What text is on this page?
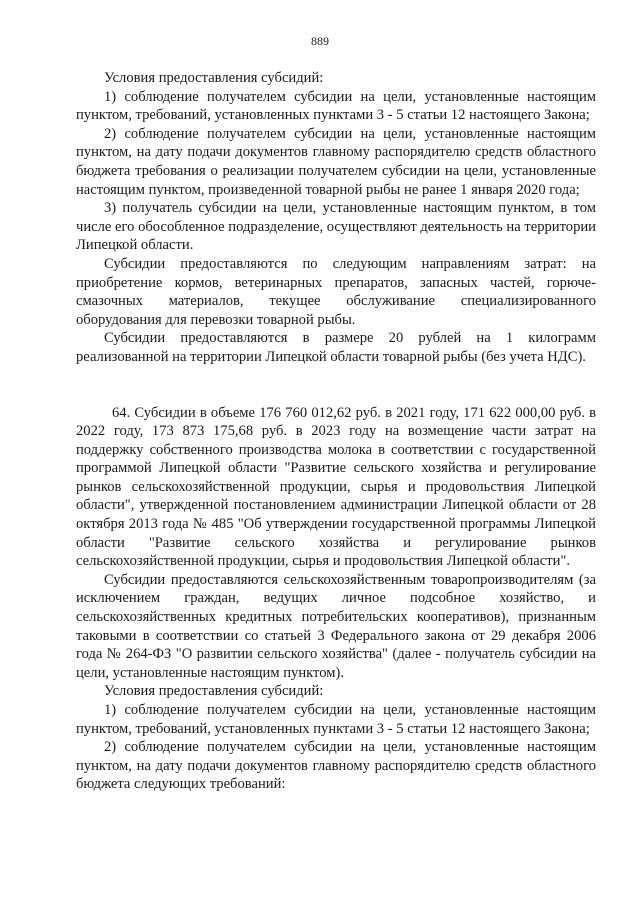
889

Условия предоставления субсидий:

1) соблюдение получателем субсидии на цели, установленные настоящим пунктом, требований, установленных пунктами 3 - 5 статьи 12 настоящего Закона;

2) соблюдение получателем субсидии на цели, установленные настоящим пунктом, на дату подачи документов главному распорядителю средств областного бюджета требования о реализации получателем субсидии на цели, установленные настоящим пунктом, произведенной товарной рыбы не ранее 1 января 2020 года;

3) получатель субсидии на цели, установленные настоящим пунктом, в том числе его обособленное подразделение, осуществляют деятельность на территории Липецкой области.

Субсидии предоставляются по следующим направлениям затрат: на приобретение кормов, ветеринарных препаратов, запасных частей, горюче-смазочных материалов, текущее обслуживание специализированного оборудования для перевозки товарной рыбы.

Субсидии предоставляются в размере 20 рублей на 1 килограмм реализованной на территории Липецкой области товарной рыбы (без учета НДС).

64. Субсидии в объеме 176 760 012,62 руб. в 2021 году, 171 622 000,00 руб. в 2022 году, 173 873 175,68 руб. в 2023 году на возмещение части затрат на поддержку собственного производства молока в соответствии с государственной программой Липецкой области "Развитие сельского хозяйства и регулирование рынков сельскохозяйственной продукции, сырья и продовольствия Липецкой области", утвержденной постановлением администрации Липецкой области от 28 октября 2013 года № 485 "Об утверждении государственной программы Липецкой области "Развитие сельского хозяйства и регулирование рынков сельскохозяйственной продукции, сырья и продовольствия Липецкой области".

Субсидии предоставляются сельскохозяйственным товаропроизводителям (за исключением граждан, ведущих личное подсобное хозяйство, и сельскохозяйственных кредитных потребительских кооперативов), признанным таковыми в соответствии со статьей 3 Федерального закона от 29 декабря 2006 года № 264-ФЗ "О развитии сельского хозяйства" (далее - получатель субсидии на цели, установленные настоящим пунктом).

Условия предоставления субсидий:

1) соблюдение получателем субсидии на цели, установленные настоящим пунктом, требований, установленных пунктами 3 - 5 статьи 12 настоящего Закона;

2) соблюдение получателем субсидии на цели, установленные настоящим пунктом, на дату подачи документов главному распорядителю средств областного бюджета следующих требований:
